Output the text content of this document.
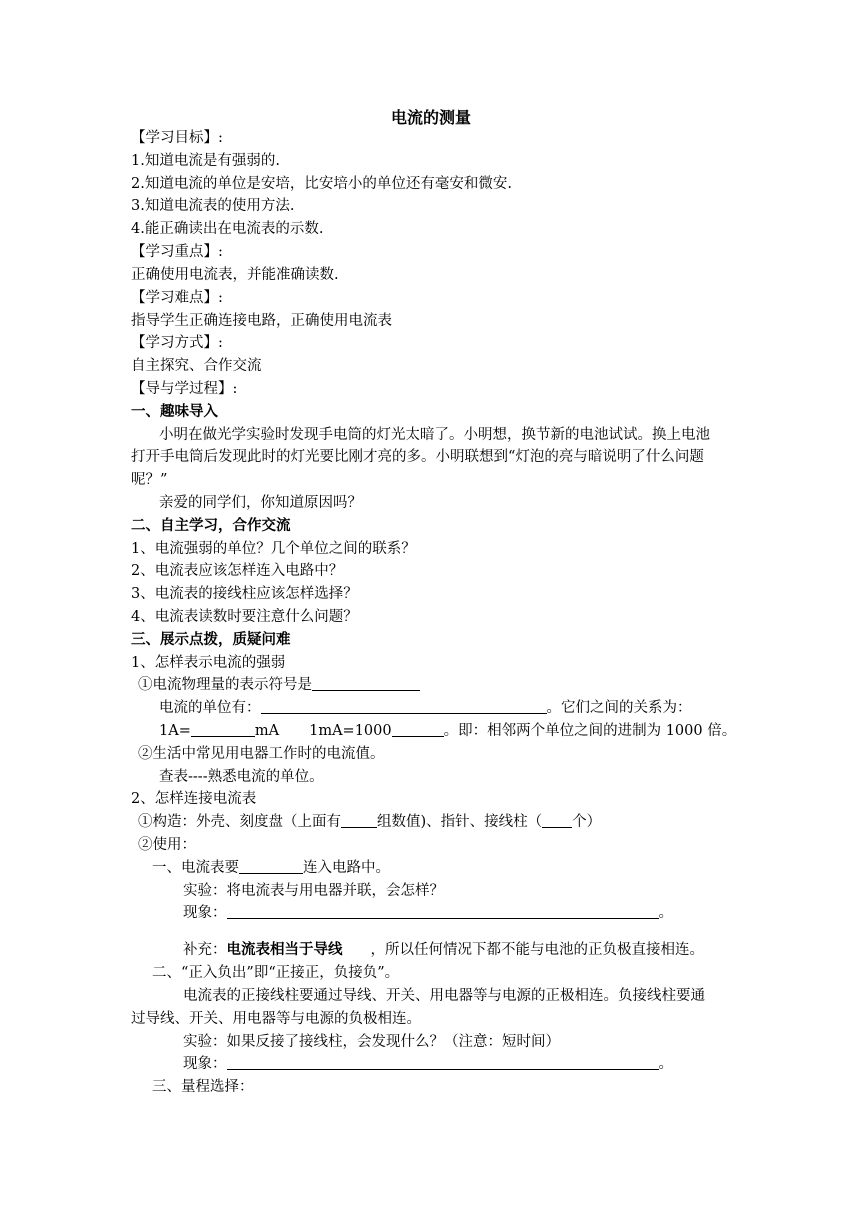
电流的测量
【学习目标】:
1.知道电流是有强弱的.
2.知道电流的单位是安培，比安培小的单位还有毫安和微安.
3.知道电流表的使用方法.
4.能正确读出在电流表的示数.
【学习重点】:
正确使用电流表，并能准确读数.
【学习难点】:
指导学生正确连接电路，正确使用电流表
【学习方式】:
自主探究、合作交流
【导与学过程】:
一、趣味导入
小明在做光学实验时发现手电筒的灯光太暗了。小明想，换节新的电池试试。换上电池
打开手电筒后发现此时的灯光要比刚才亮的多。小明联想到“灯泡的亮与暗说明了什么问题
呢？”
亲爱的同学们，你知道原因吗？
二、自主学习，合作交流
1、电流强弱的单位？几个单位之间的联系？
2、电流表应该怎样连入电路中？
3、电流表的接线柱应该怎样选择？
4、电流表读数时要注意什么问题？
三、展示点拨，质疑问难
1、怎样表示电流的强弱
①电流物理量的表示符号是
电流的单位有：	。它们之间的关系为：
1A=	mA 1mA=1000	。即：相邻两个单位之间的进制为 1000 倍。
②生活中常见用电器工作时的电流值。
查表----熟悉电流的单位。
2、怎样连接电流表
①构造：外壳、刻度盘（上面有 组数值)、指针、接线柱（ 个）
②使用：
一、电流表要	连入电路中。
实验：将电流表与用电器并联，会怎样？
现象：	。
补充：电流表相当于导线 ，所以任何情况下都不能与电池的正负极直接相连。
二、“正入负出”即“正接正，负接负”。
电流表的正接线柱要通过导线、开关、用电器等与电源的正极相连。负接线柱要通
过导线、开关、用电器等与电源的负极相连。
实验：如果反接了接线柱，会发现什么？（注意：短时间）
现象：	。
三、量程选择：
